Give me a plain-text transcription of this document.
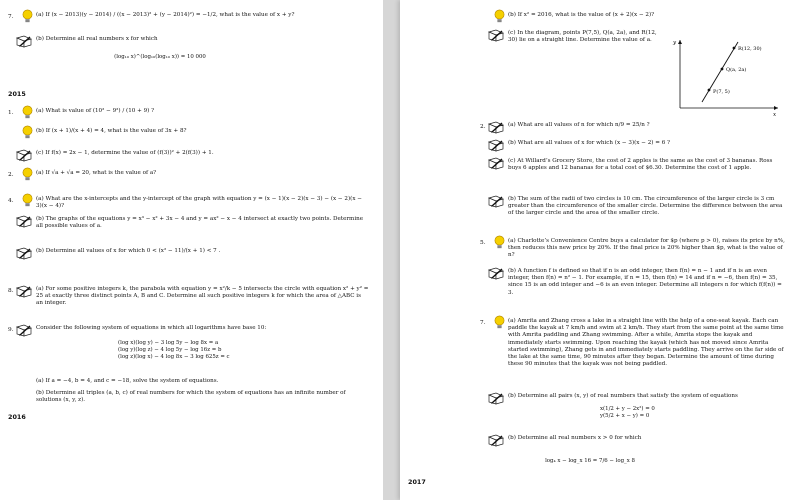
7.	(a) If (x − 2013)(y − 2014) / ((x − 2013)² + (y − 2014)²) = −1/2, what is the value of x + y?
(b) Determine all real numbers x for which
(log₁₀ x)^(log₁₀(log₁₀ x)) = 10 000
2015
1.	(a) What is value of (10² − 9²) / (10 + 9) ?
(b) If (x + 1)/(x + 4) = 4, what is the value of 3x + 8?
(c) If f(x) = 2x − 1, determine the value of (f(3))² + 2(f(3)) + 1.
2.	(a) If √a + √a = 20, what is the value of a?
4.	(a) What are the x-intercepts and the y-intercept of the graph with equation y = (x − 1)(x − 2)(x − 3) − (x − 2)(x − 3)(x − 4)?
(b) The graphs of the equations y = x³ − x² + 3x − 4 and y = ax² − x − 4 intersect at exactly two points. Determine all possible values of a.
(b) Determine all values of x for which 0 < (x² − 11)/(x + 1) < 7 .
8.	(a) For some positive integers k, the parabola with equation y = x²/k − 5 intersects the circle with equation x² + y² = 25 at exactly three distinct points A, B and C. Determine all such positive integers k for which the area of △ABC is an integer.
9.	Consider the following system of equations in which all logarithms have base 10:
(log x)(log y) − 3 log 5y − log 8x = a
(log y)(log z) − 4 log 5y − log 16z = b
(log z)(log x) − 4 log 8x − 3 log 625z = c
(a) If a = −4, b = 4, and c = −18, solve the system of equations.
(b) Determine all triples (a, b, c) of real numbers for which the system of equations has an infinite number of solutions (x, y, z).
2016
(b) If x² = 2016, what is the value of (x + 2)(x − 2)?
(c) In the diagram, points P(7,5), Q(a, 2a), and R(12, 30) lie on a straight line. Determine the value of a.
2.	(a) What are all values of n for which n/9 = 25/n ?
(b) What are all values of x for which (x − 3)(x − 2) = 6 ?
(c) At Willard’s Grocery Store, the cost of 2 apples is the same as the cost of 3 bananas. Ross buys 6 apples and 12 bananas for a total cost of $6.30. Determine the cost of 1 apple.
(b) The sum of the radii of two circles is 10 cm. The circumference of the larger circle is 3 cm greater than the circumference of the smaller circle. Determine the difference between the area of the larger circle and the area of the smaller circle.
5.	(a) Charlotte’s Convenience Centre buys a calculator for $p (where p > 0), raises its price by n%, then reduces this new price by 20%. If the final price is 20% higher than $p, what is the value of n?
(b) A function f is defined so that if n is an odd integer, then f(n) = n − 1 and if n is an even integer, then f(n) = n² − 1. For example, if n = 15, then f(n) = 14 and if n = −6, then f(n) = 35, since 15 is an odd integer and −6 is an even integer. Determine all integers n for which f(f(n)) = 3.
7.	(a) Amrita and Zhang cross a lake in a straight line with the help of a one-seat kayak. Each can paddle the kayak at 7 km/h and swim at 2 km/h. They start from the same point at the same time with Amrita paddling and Zhang swimming. After a while, Amrita stops the kayak and immediately starts swimming. Upon reaching the kayak (which has not moved since Amrita started swimming), Zhang gets in and immediately starts paddling. They arrive on the far side of the lake at the same time, 90 minutes after they began. Determine the amount of time during these 90 minutes that the kayak was not being paddled.
(b) Determine all pairs (x, y) of real numbers that satisfy the system of equations
x(1/2 + y − 2x²) = 0
y(5/2 + x − y) = 0
(b) Determine all real numbers x > 0 for which
log₄ x − log_x 16 = 7/6 − log_x 8
2017
R(12, 30)
Q(a, 2a)
P(7, 5)
x
y
